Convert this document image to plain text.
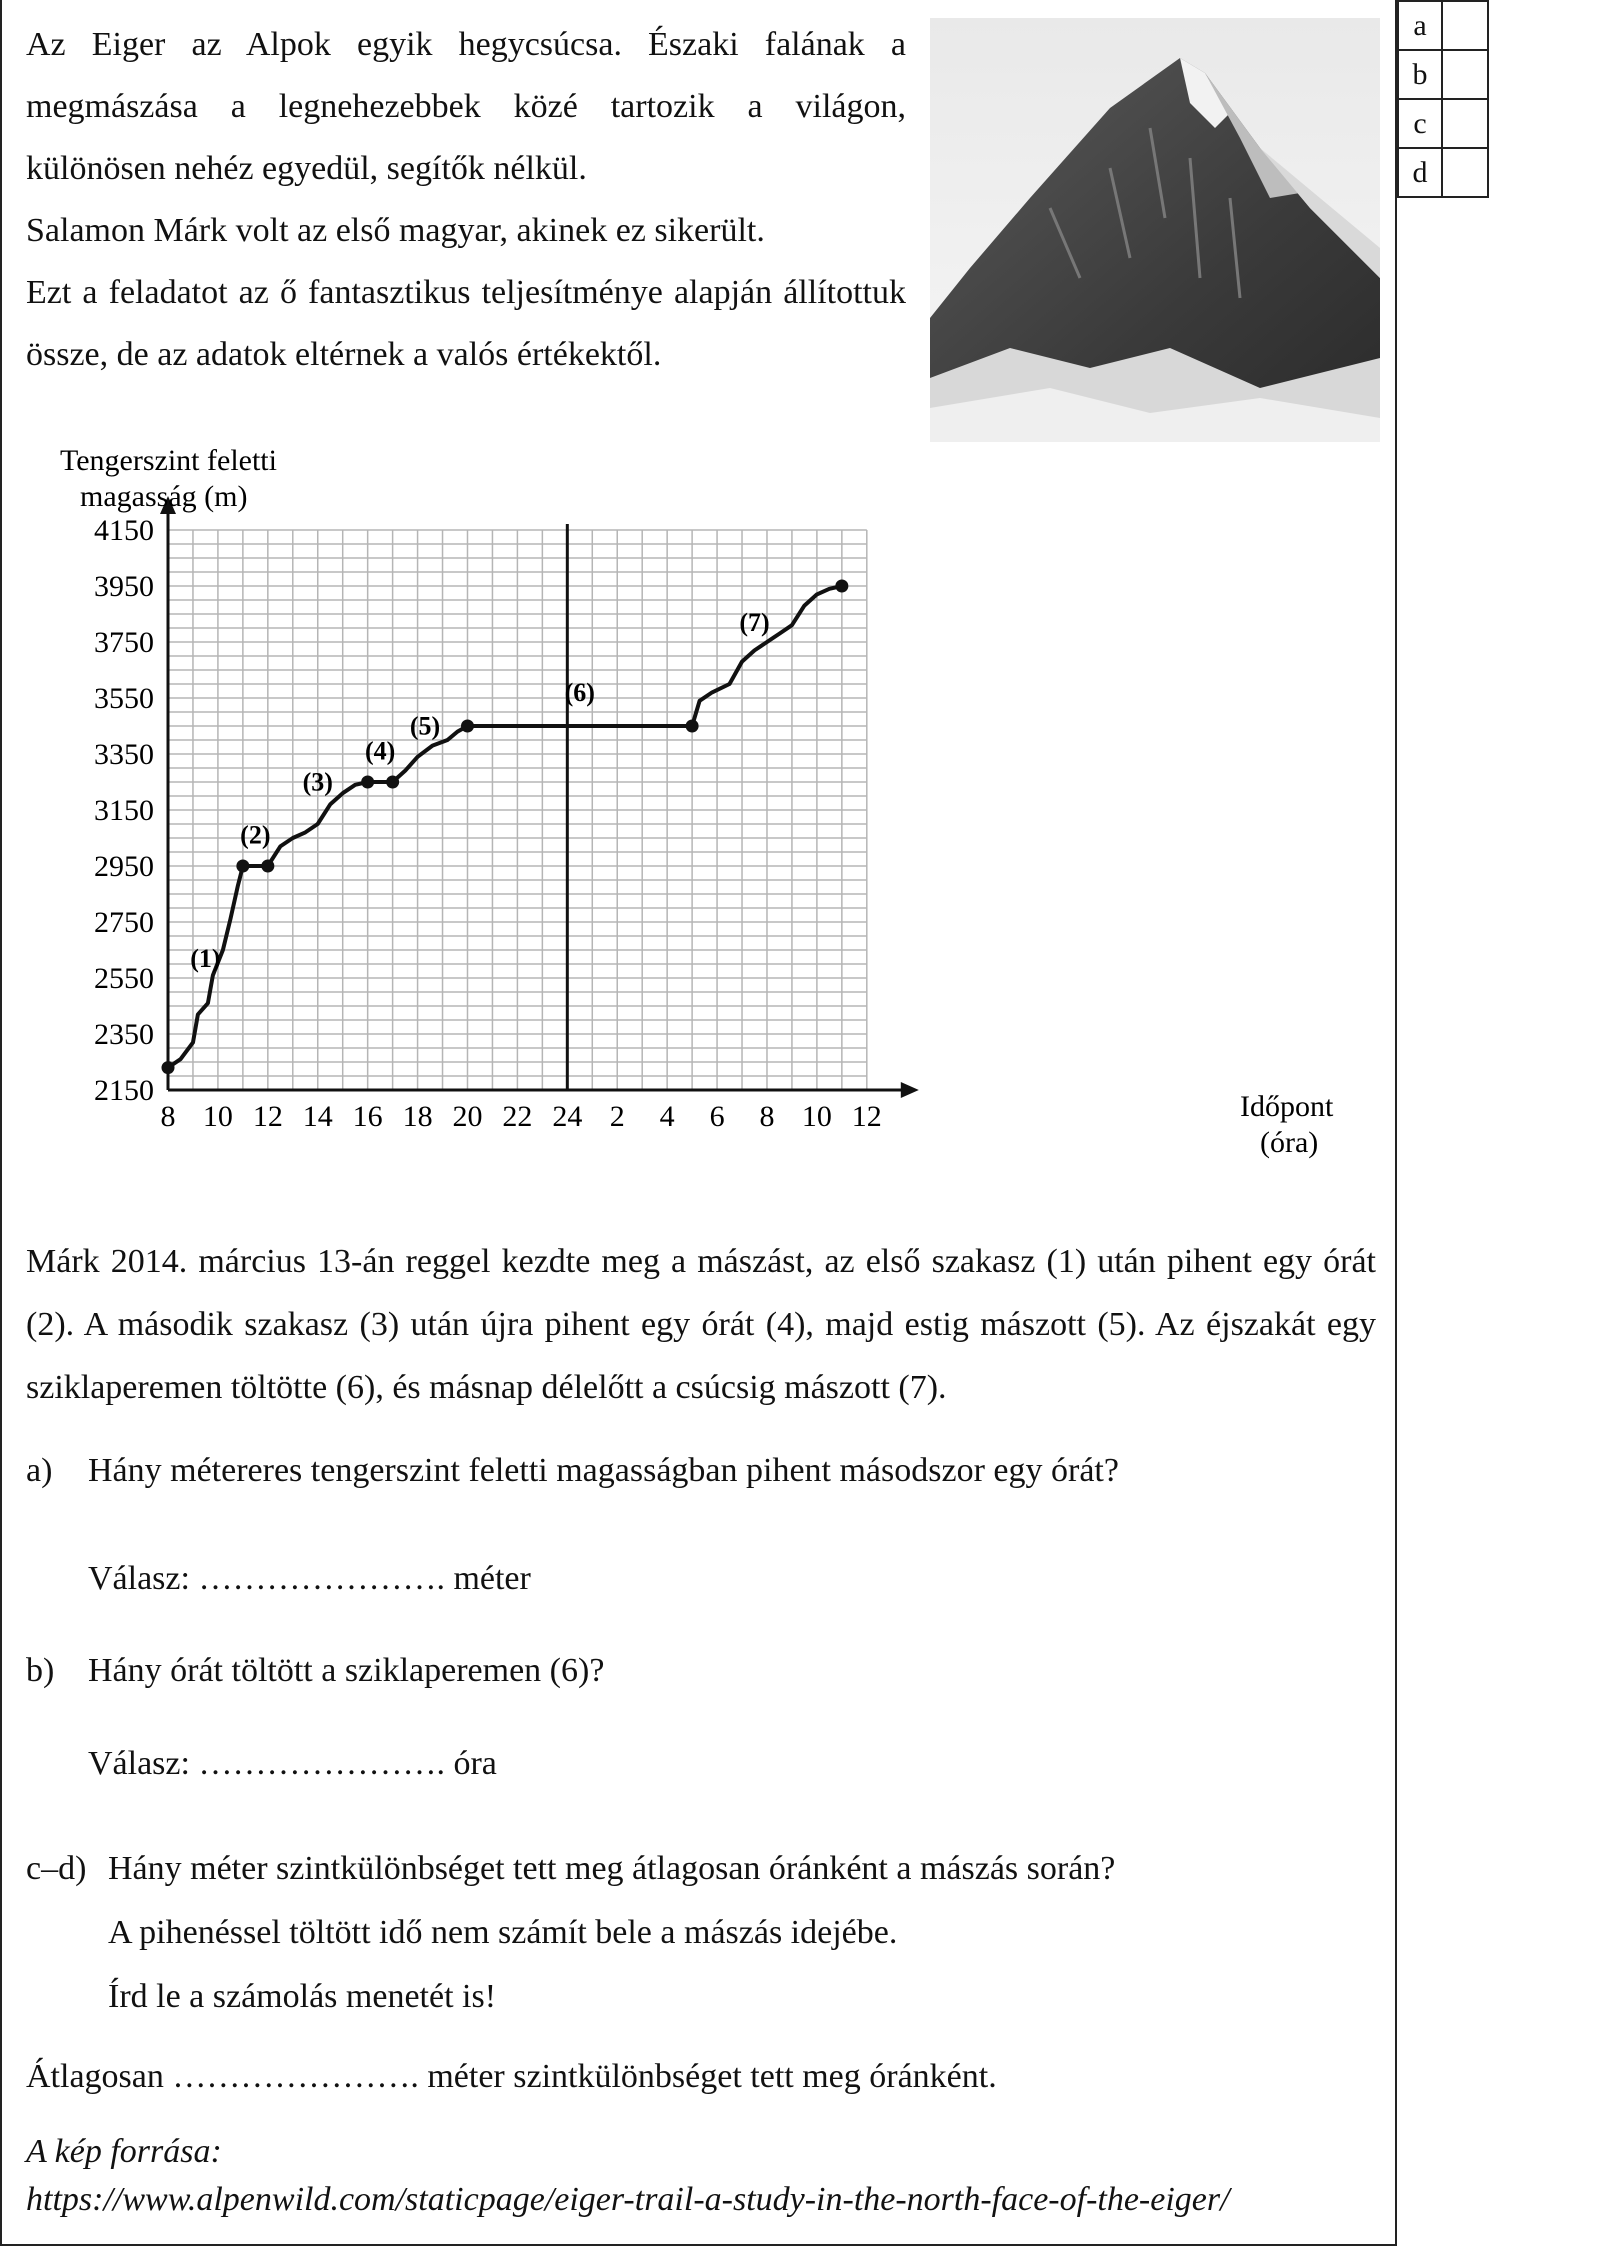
a	
b	
c	
d	

Az Eiger az Alpok egyik hegycsúcsa. Északi falának a megmászása a legnehezebbek közé tartozik a világon, különösen nehéz egyedül, segítők nélkül.

Salamon Márk volt az első magyar, akinek ez sikerült.

Ezt a feladatot az ő fantasztikus teljesítménye alapján állítottuk össze, de az adatok eltérnek a valós értékektől.

2150
2350
2550
2750
2950
3150
3350
3550
3750
3950
4150
8 10 12 14 16 18 20 22 24 2 4 6 8 10 12
Tengerszint feletti
magasság (m)
Időpont
(óra)
(1)
(2)
(3)
(4)
(5)
(6)
(7)
Márk 2014. március 13-án reggel kezdte meg a mászást, az első szakasz (1) után pihent egy órát (2). A második szakasz (3) után újra pihent egy órát (4), majd estig mászott (5). Az éjszakát egy sziklaperemen töltötte (6), és másnap délelőtt a csúcsig mászott (7).
a) Hány métereres tengerszint feletti magasságban pihent másodszor egy órát?
Válasz: …………………. méter
b) Hány órát töltött a sziklaperemen (6)?
Válasz: …………………. óra
c–d) Hány méter szintkülönbséget tett meg átlagosan óránként a mászás során?
A pihenéssel töltött idő nem számít bele a mászás idejébe.
Írd le a számolás menetét is!
Átlagosan …………………. méter szintkülönbséget tett meg óránként.
A kép forrása:
https://www.alpenwild.com/staticpage/eiger-trail-a-study-in-the-north-face-of-the-eiger/
